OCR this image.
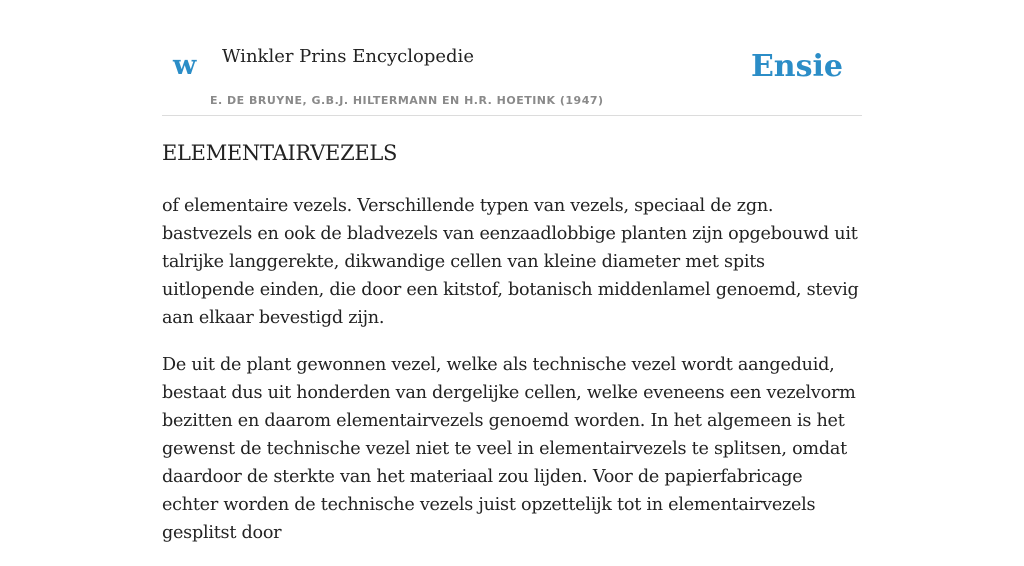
w Winkler Prins Encyclopedie
E. DE BRUYNE, G.B.J. HILTERMANN EN H.R. HOETINK (1947)
Ensie
ELEMENTAIRVEZELS

of elementaire vezels. Verschillende typen van vezels, speciaal de zgn. bastvezels en ook de bladvezels van eenzaadlobbige planten zijn opgebouwd uit talrijke langgerekte, dikwandige cellen van kleine diameter met spits uitlopende einden, die door een kitstof, botanisch middenlamel genoemd, stevig aan elkaar bevestigd zijn.

De uit de plant gewonnen vezel, welke als technische vezel wordt aangeduid, bestaat dus uit honderden van dergelijke cellen, welke eveneens een vezelvorm bezitten en daarom elementairvezels genoemd worden. In het algemeen is het gewenst de technische vezel niet te veel in elementairvezels te splitsen, omdat daardoor de sterkte van het materiaal zou lijden. Voor de papierfabricage echter worden de technische vezels juist opzettelijk tot in elementairvezels gesplitst door
